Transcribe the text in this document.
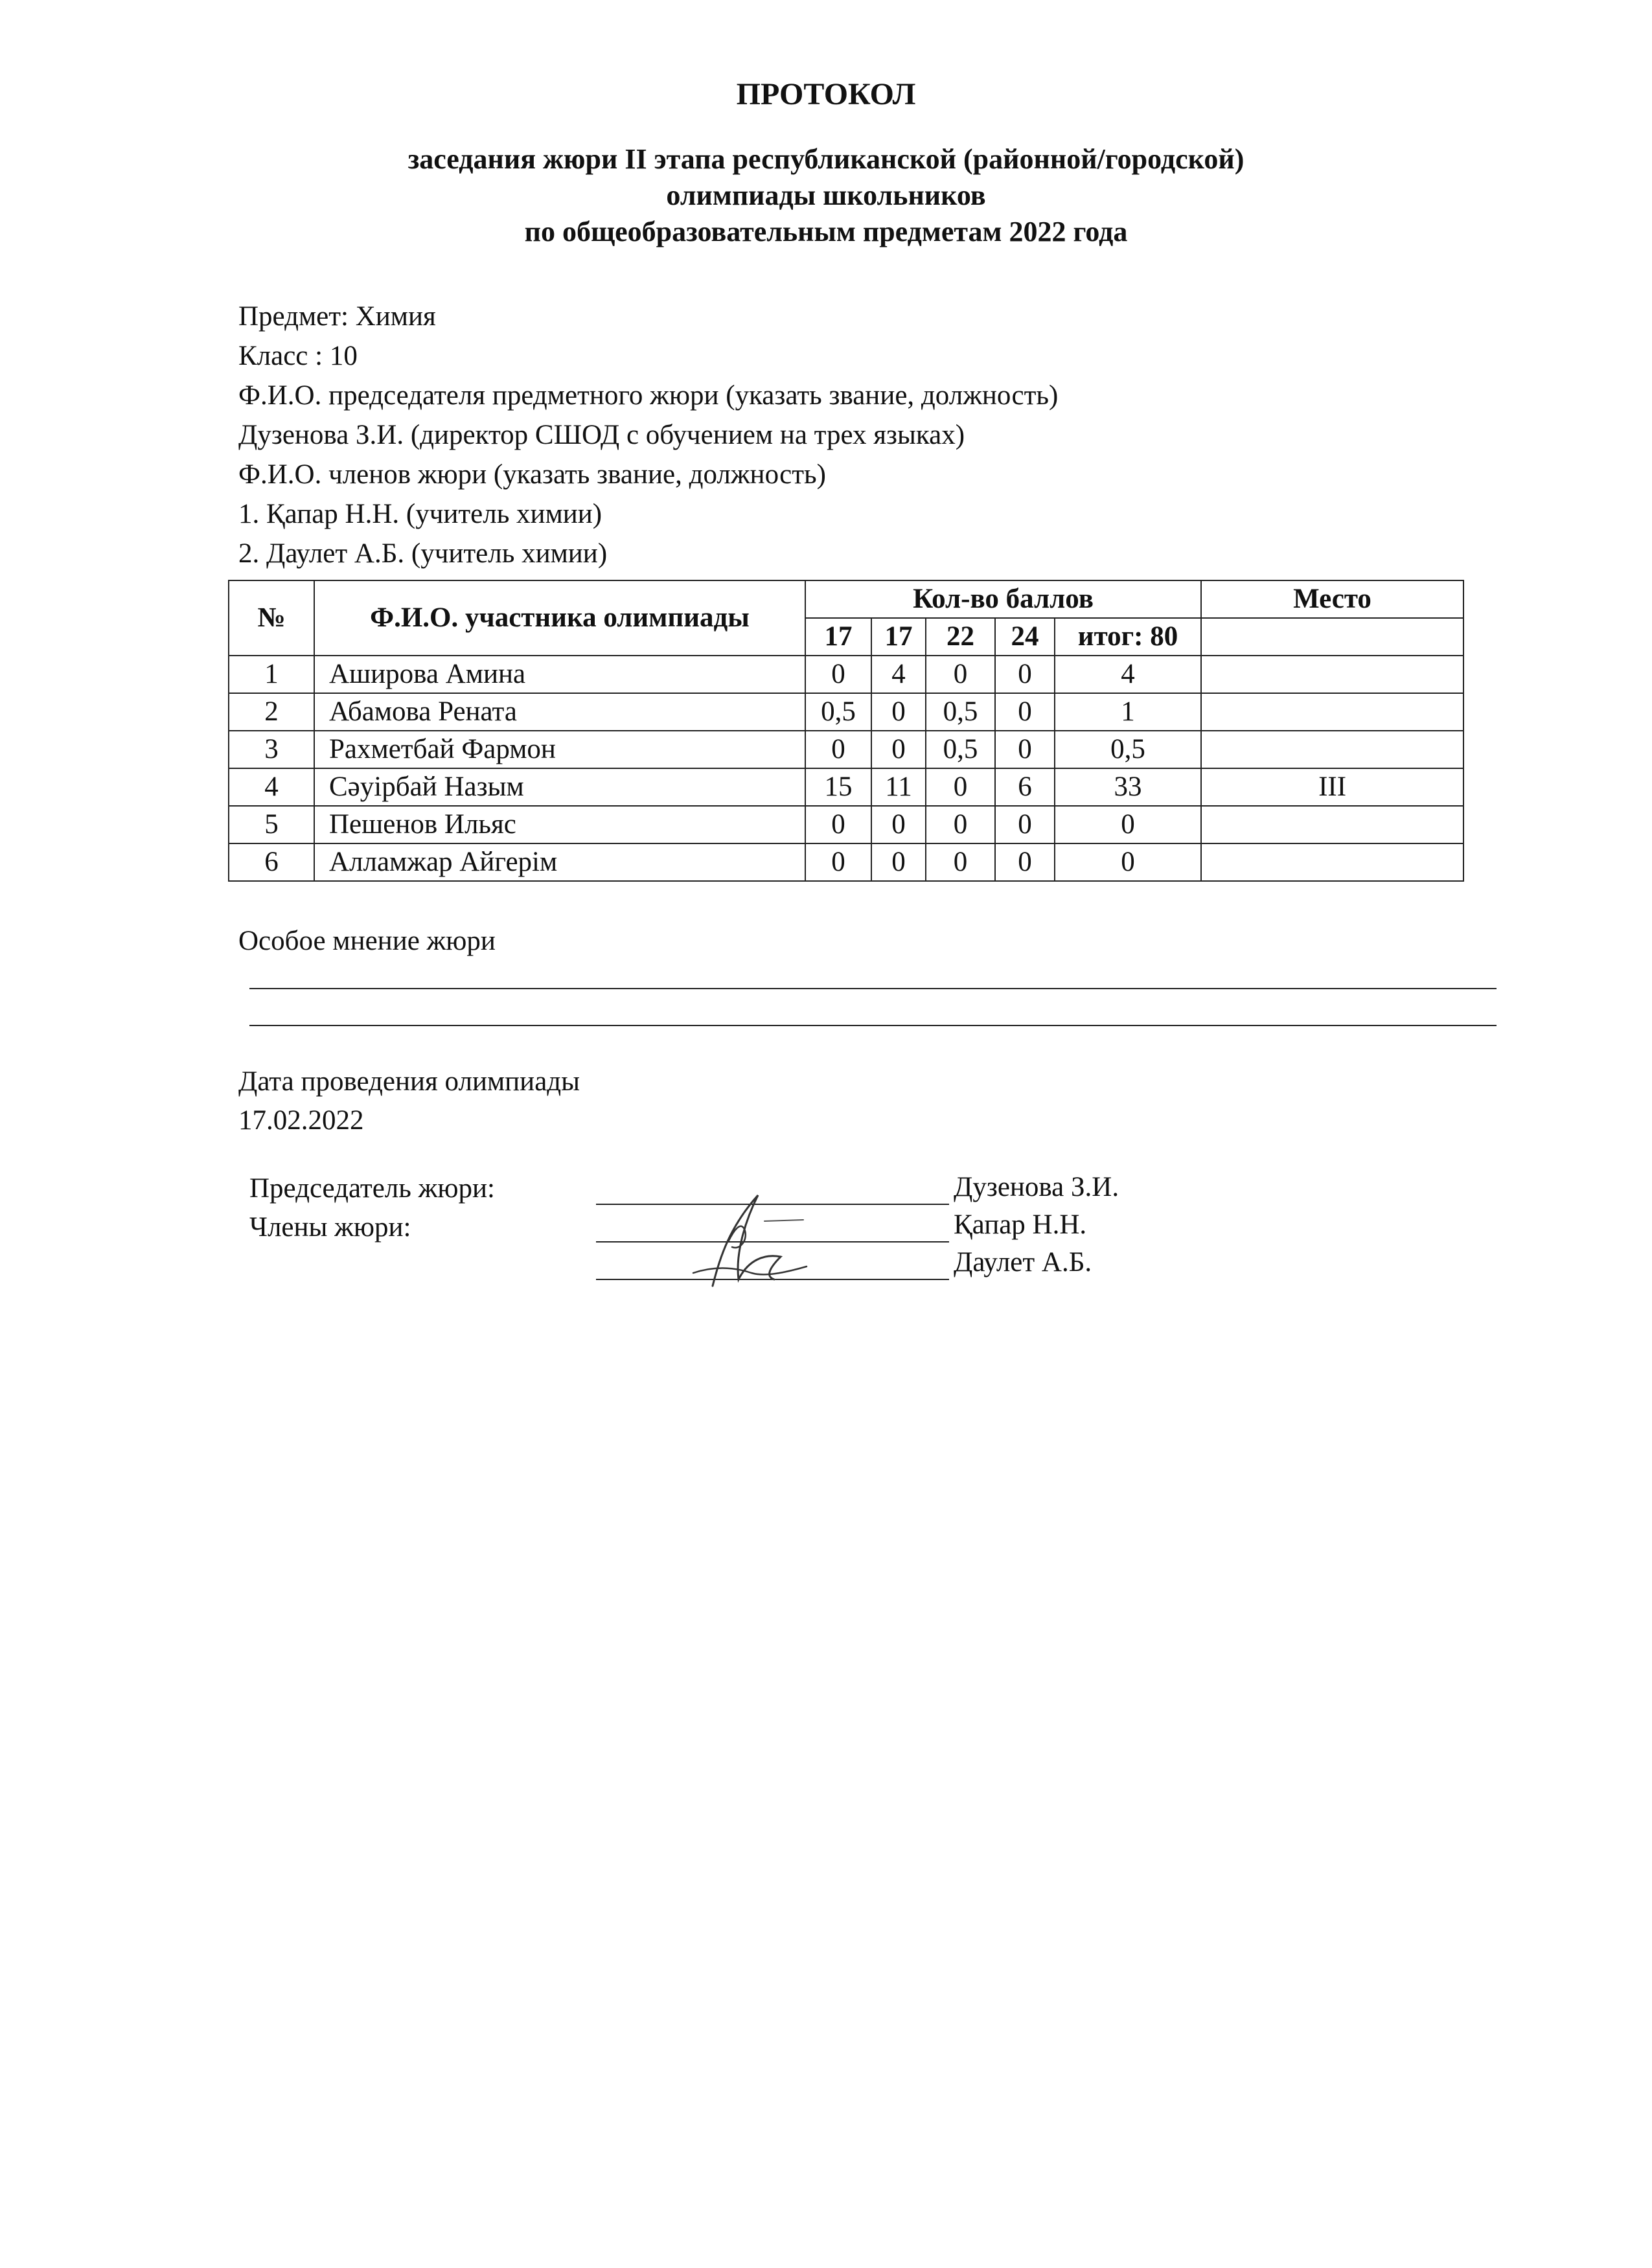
ПРОТОКОЛ
заседания жюри II этапа республиканской (районной/городской)
олимпиады школьников
по общеобразовательным предметам 2022 года
Предмет: Химия
Класс : 10
Ф.И.О. председателя предметного жюри (указать звание, должность)
Дузенова З.И. (директор СШОД с обучением на трех языках)
Ф.И.О. членов жюри (указать звание, должность)
1. Қапар Н.Н. (учитель химии)
2. Даулет А.Б. (учитель химии)
№	Ф.И.О. участника олимпиады	Кол-во баллов					Место
		17	17	22	24	итог: 80	
1	Аширова Амина	0	4	0	0	4	
2	Абамова Рената	0,5	0	0,5	0	1	
3	Рахметбай Фармон	0	0	0,5	0	0,5	
4	Сәуірбай Назым	15	11	0	6	33	III
5	Пешенов Ильяс	0	0	0	0	0	
6	Алламжар Айгерім	0	0	0	0	0	
Особое мнение жюри
Дата проведения олимпиады
17.02.2022
Председатель жюри:
Члены жюри:
Дузенова З.И.
Қапар Н.Н.
Даулет А.Б.
